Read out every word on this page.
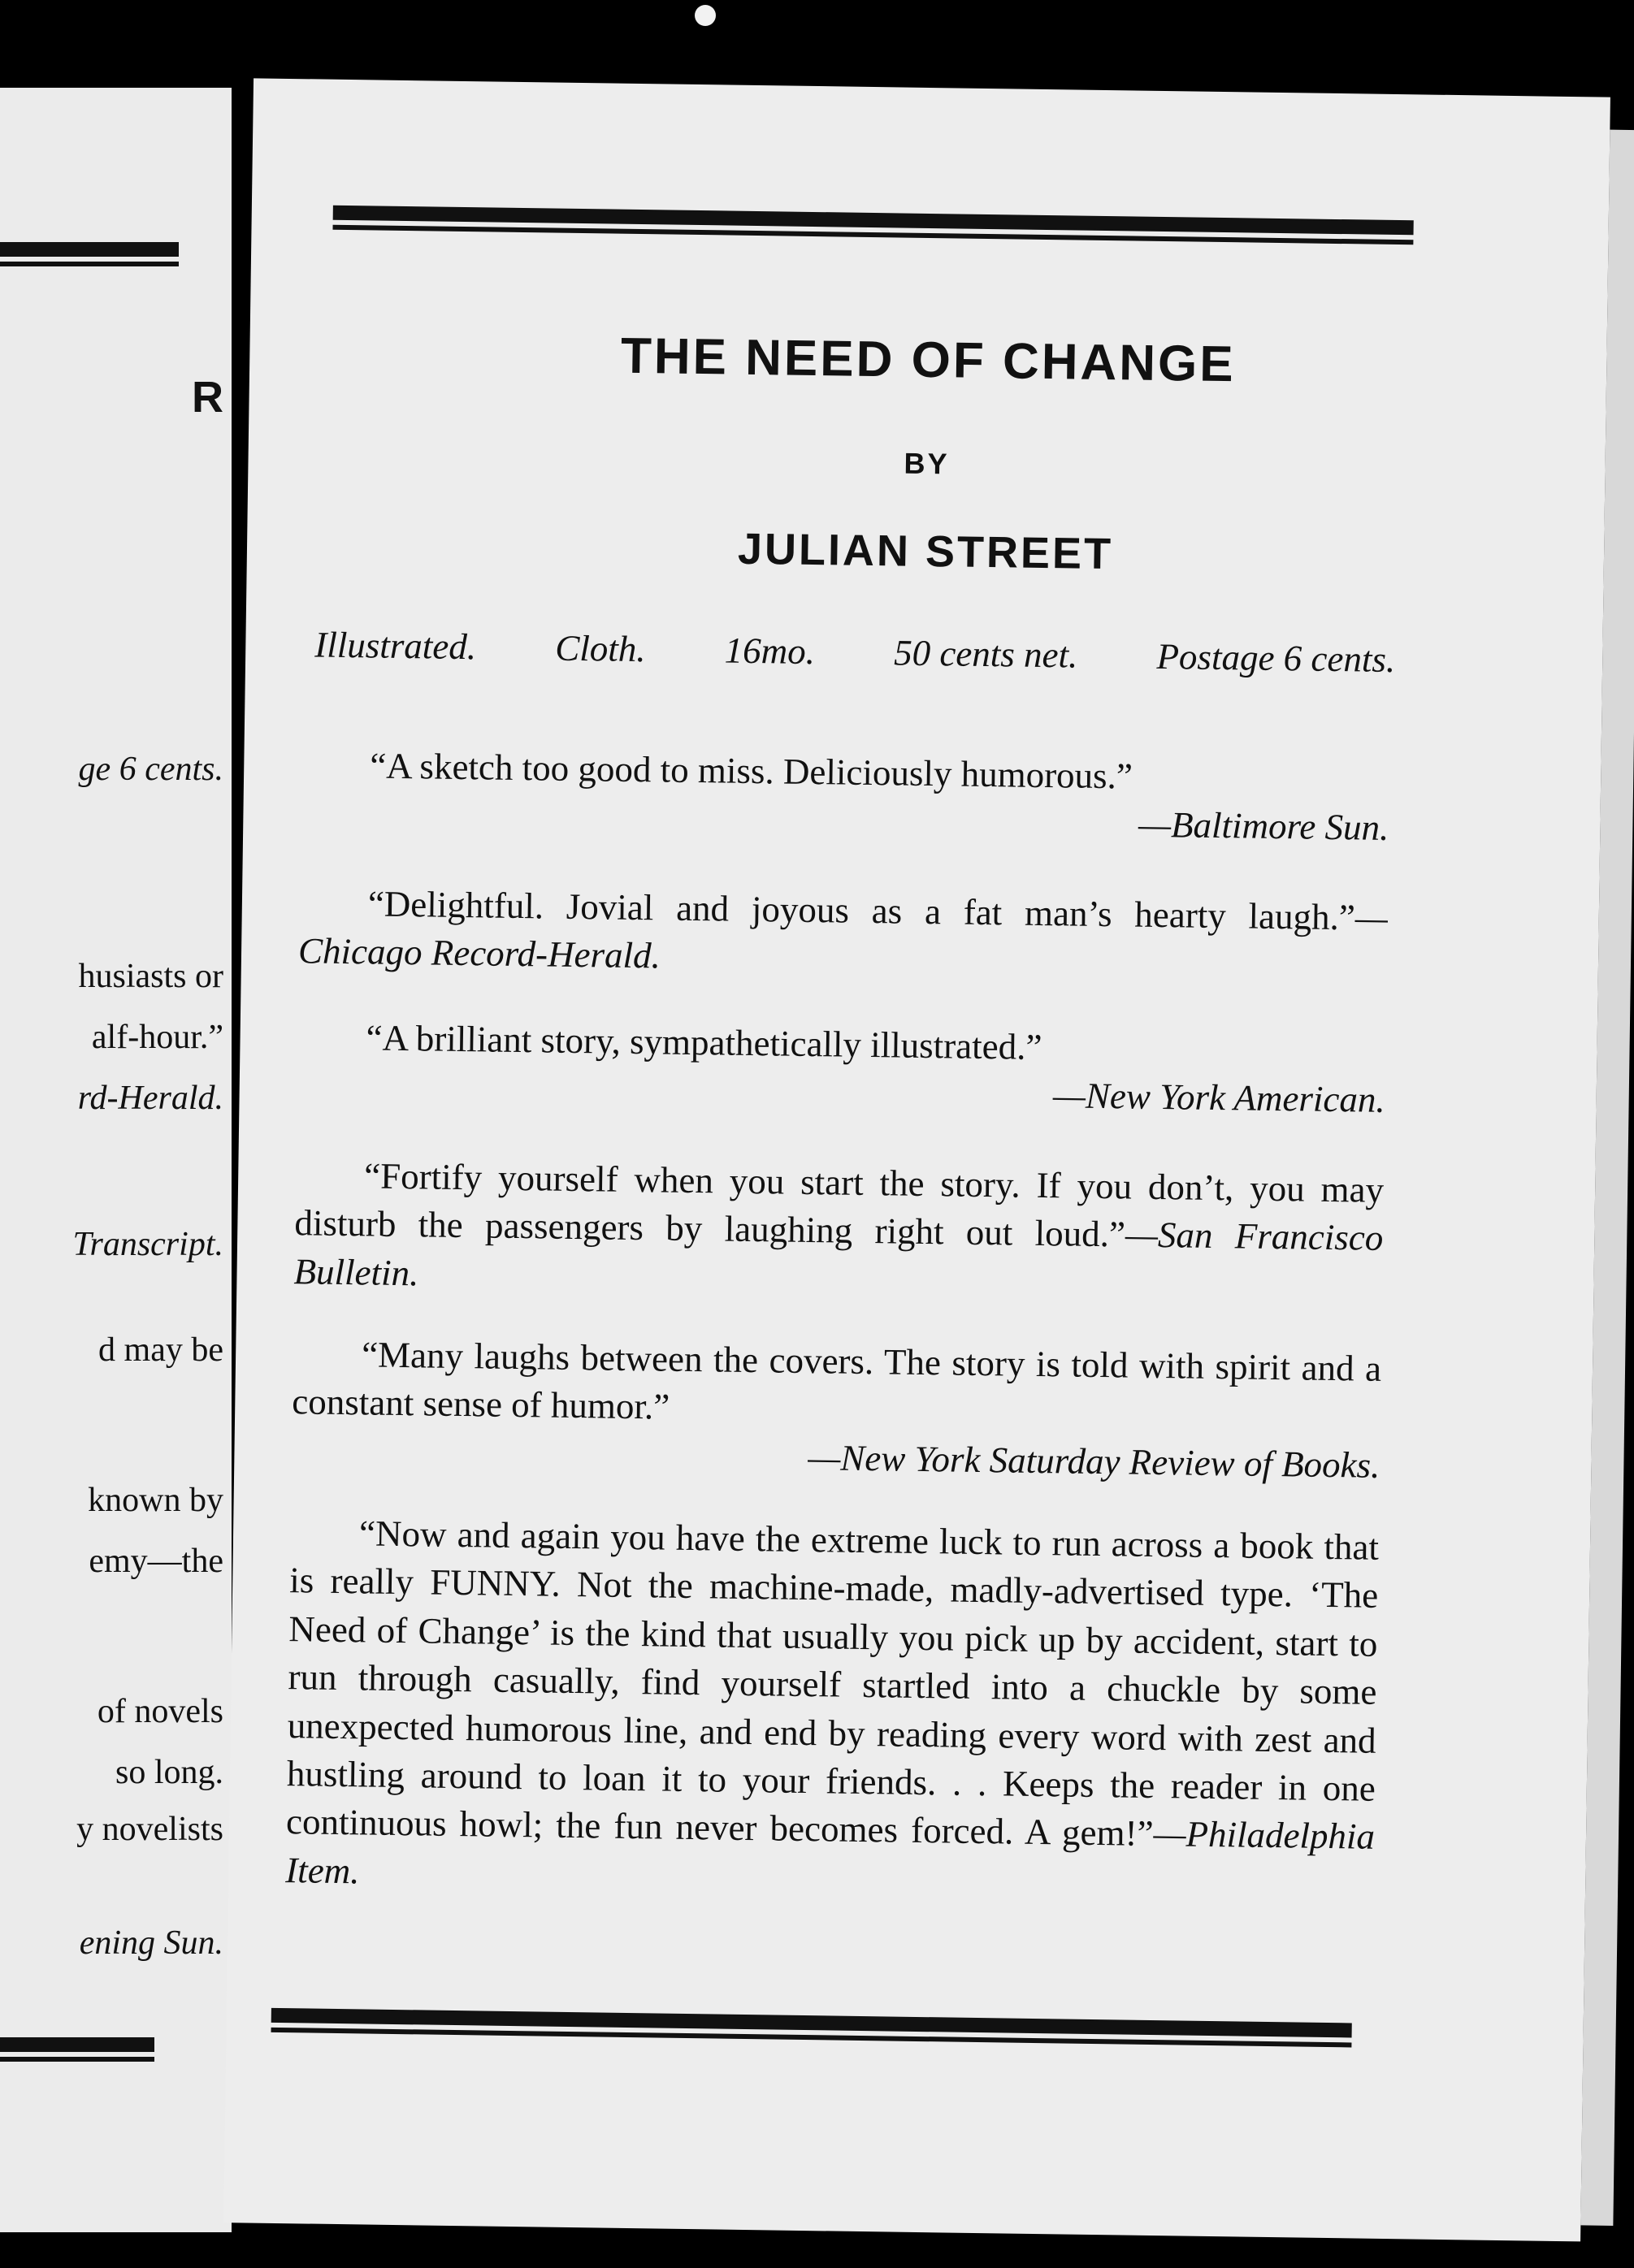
R
ge 6 cents.
husiasts or
alf-hour.”
rd-Herald.
Transcript.
d may be
known by
emy—the
of novels
so long.
y novelists
ening Sun.
THE NEED OF CHANGE
BY
JULIAN STREET
Illustrated. Cloth. 16mo. 50 cents net. Postage 6 cents.
“A sketch too good to miss. Deliciously humorous.”
—Baltimore Sun.
“Delightful. Jovial and joyous as a fat man’s hearty laugh.”—Chicago Record-Herald.
“A brilliant story, sympathetically illustrated.”
—New York American.
“Fortify yourself when you start the story. If you don’t, you may disturb the passengers by laughing right out loud.”—San Francisco Bulletin.
“Many laughs between the covers. The story is told with spirit and a constant sense of humor.”
—New York Saturday Review of Books.
“Now and again you have the extreme luck to run across a book that is really FUNNY. Not the machine-made, madly-advertised type. ‘The Need of Change’ is the kind that usually you pick up by accident, start to run through casually, find yourself startled into a chuckle by some unexpected humorous line, and end by reading every word with zest and hustling around to loan it to your friends. . . Keeps the reader in one continuous howl; the fun never becomes forced. A gem!”—Philadelphia Item.
